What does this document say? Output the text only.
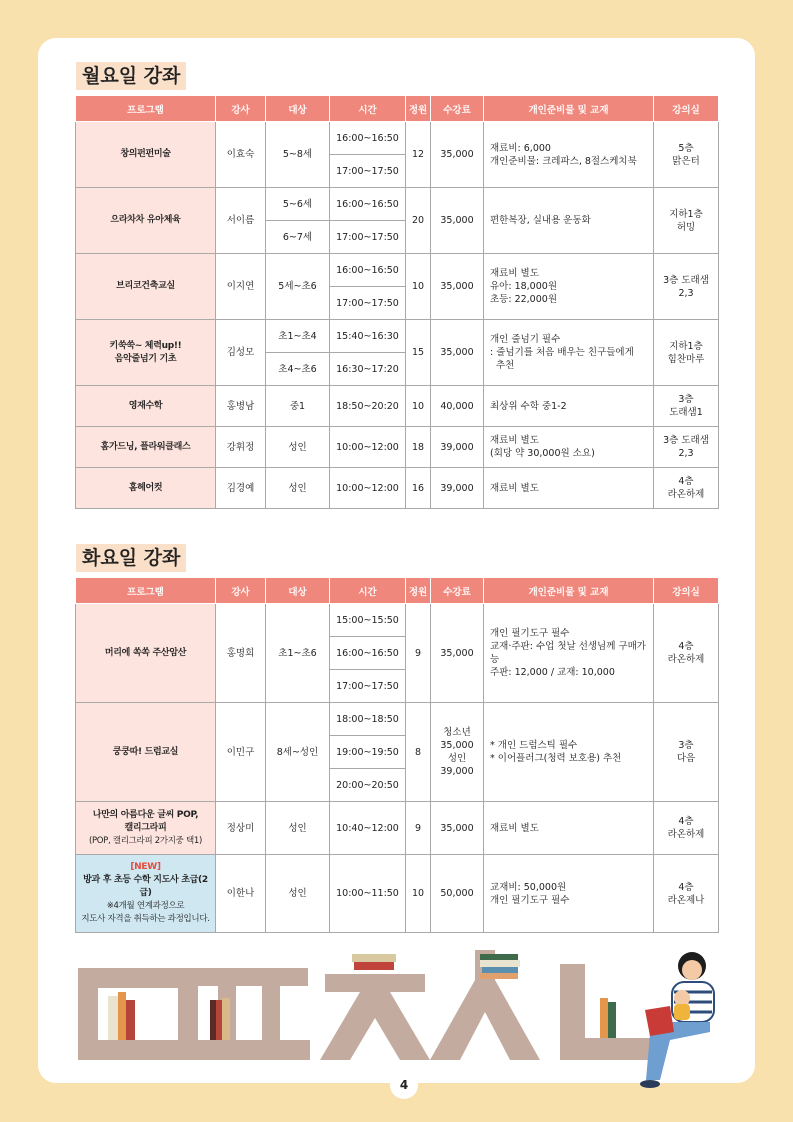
월요일 강좌
프로그램	강사	대상	시간	정원	수강료	개인준비물 및 교재	강의실
창의펀펀미술	이효숙	5~8세	16:00~16:50	12	35,000	재료비: 6,000
개인준비물: 크레파스, 8절스케치북	5층
맑은터
			17:00~17:50				
으라차차 유아체육	서이름	5~6세	16:00~16:50	20	35,000	편한복장, 실내용 운동화	지하1층
허밍
		6~7세	17:00~17:50				
브리코건축교실	이지연	5세~초6	16:00~16:50	10	35,000	재료비 별도
유아: 18,000원
초등: 22,000원	3층 도래샘
2,3
			17:00~17:50				
키쑥쑥~ 체력up!!
음악줄넘기 기초	김성모	초1~초4	15:40~16:30	15	35,000	개인 줄넘기 필수
: 줄넘기를 처음 배우는 친구들에게
추천	지하1층
힘찬마루
		초4~초6	16:30~17:20				
영재수학	홍병남	중1	18:50~20:20	10	40,000	최상위 수학 중1-2	3층
도래샘1
홈가드닝, 플라워클래스	강휘정	성인	10:00~12:00	18	39,000	재료비 별도
(회당 약 30,000원 소요)	3층 도래샘
2,3
홈헤어컷	김경예	성인	10:00~12:00	16	39,000	재료비 별도	4층
라온하제
화요일 강좌
프로그램	강사	대상	시간	정원	수강료	개인준비물 및 교재	강의실
머리에 쏙쏙 주산암산	홍명희	초1~초6	15:00~15:50	9	35,000	개인 필기도구 필수
교재·주판: 수업 첫날 선생님께 구매가능
주판: 12,000 / 교재: 10,000	4층
라온하제
			16:00~16:50				
			17:00~17:50				
쿵쿵따! 드럼교실	이민구	8세~성인	18:00~18:50	8	청소년
35,000
성인
39,000	* 개인 드럼스틱 필수
* 이어플러그(청력 보호용) 추천	3층
다음
			19:00~19:50				
			20:00~20:50				
나만의 아름다운 글씨 POP,
캘리그라피
(POP, 캘리그라피 2가지중 택1)	정상미	성인	10:40~12:00	9	35,000	재료비 별도	4층
라온하제

[NEW]
방과 후 초등 수학 지도사 초급(2급)
※4개월 연계과정으로
지도사 자격을 취득하는 과정입니다.	이한나	성인	10:00~11:50	10	50,000	교재비: 50,000원
개인 필기도구 필수	4층
라온제나
4
